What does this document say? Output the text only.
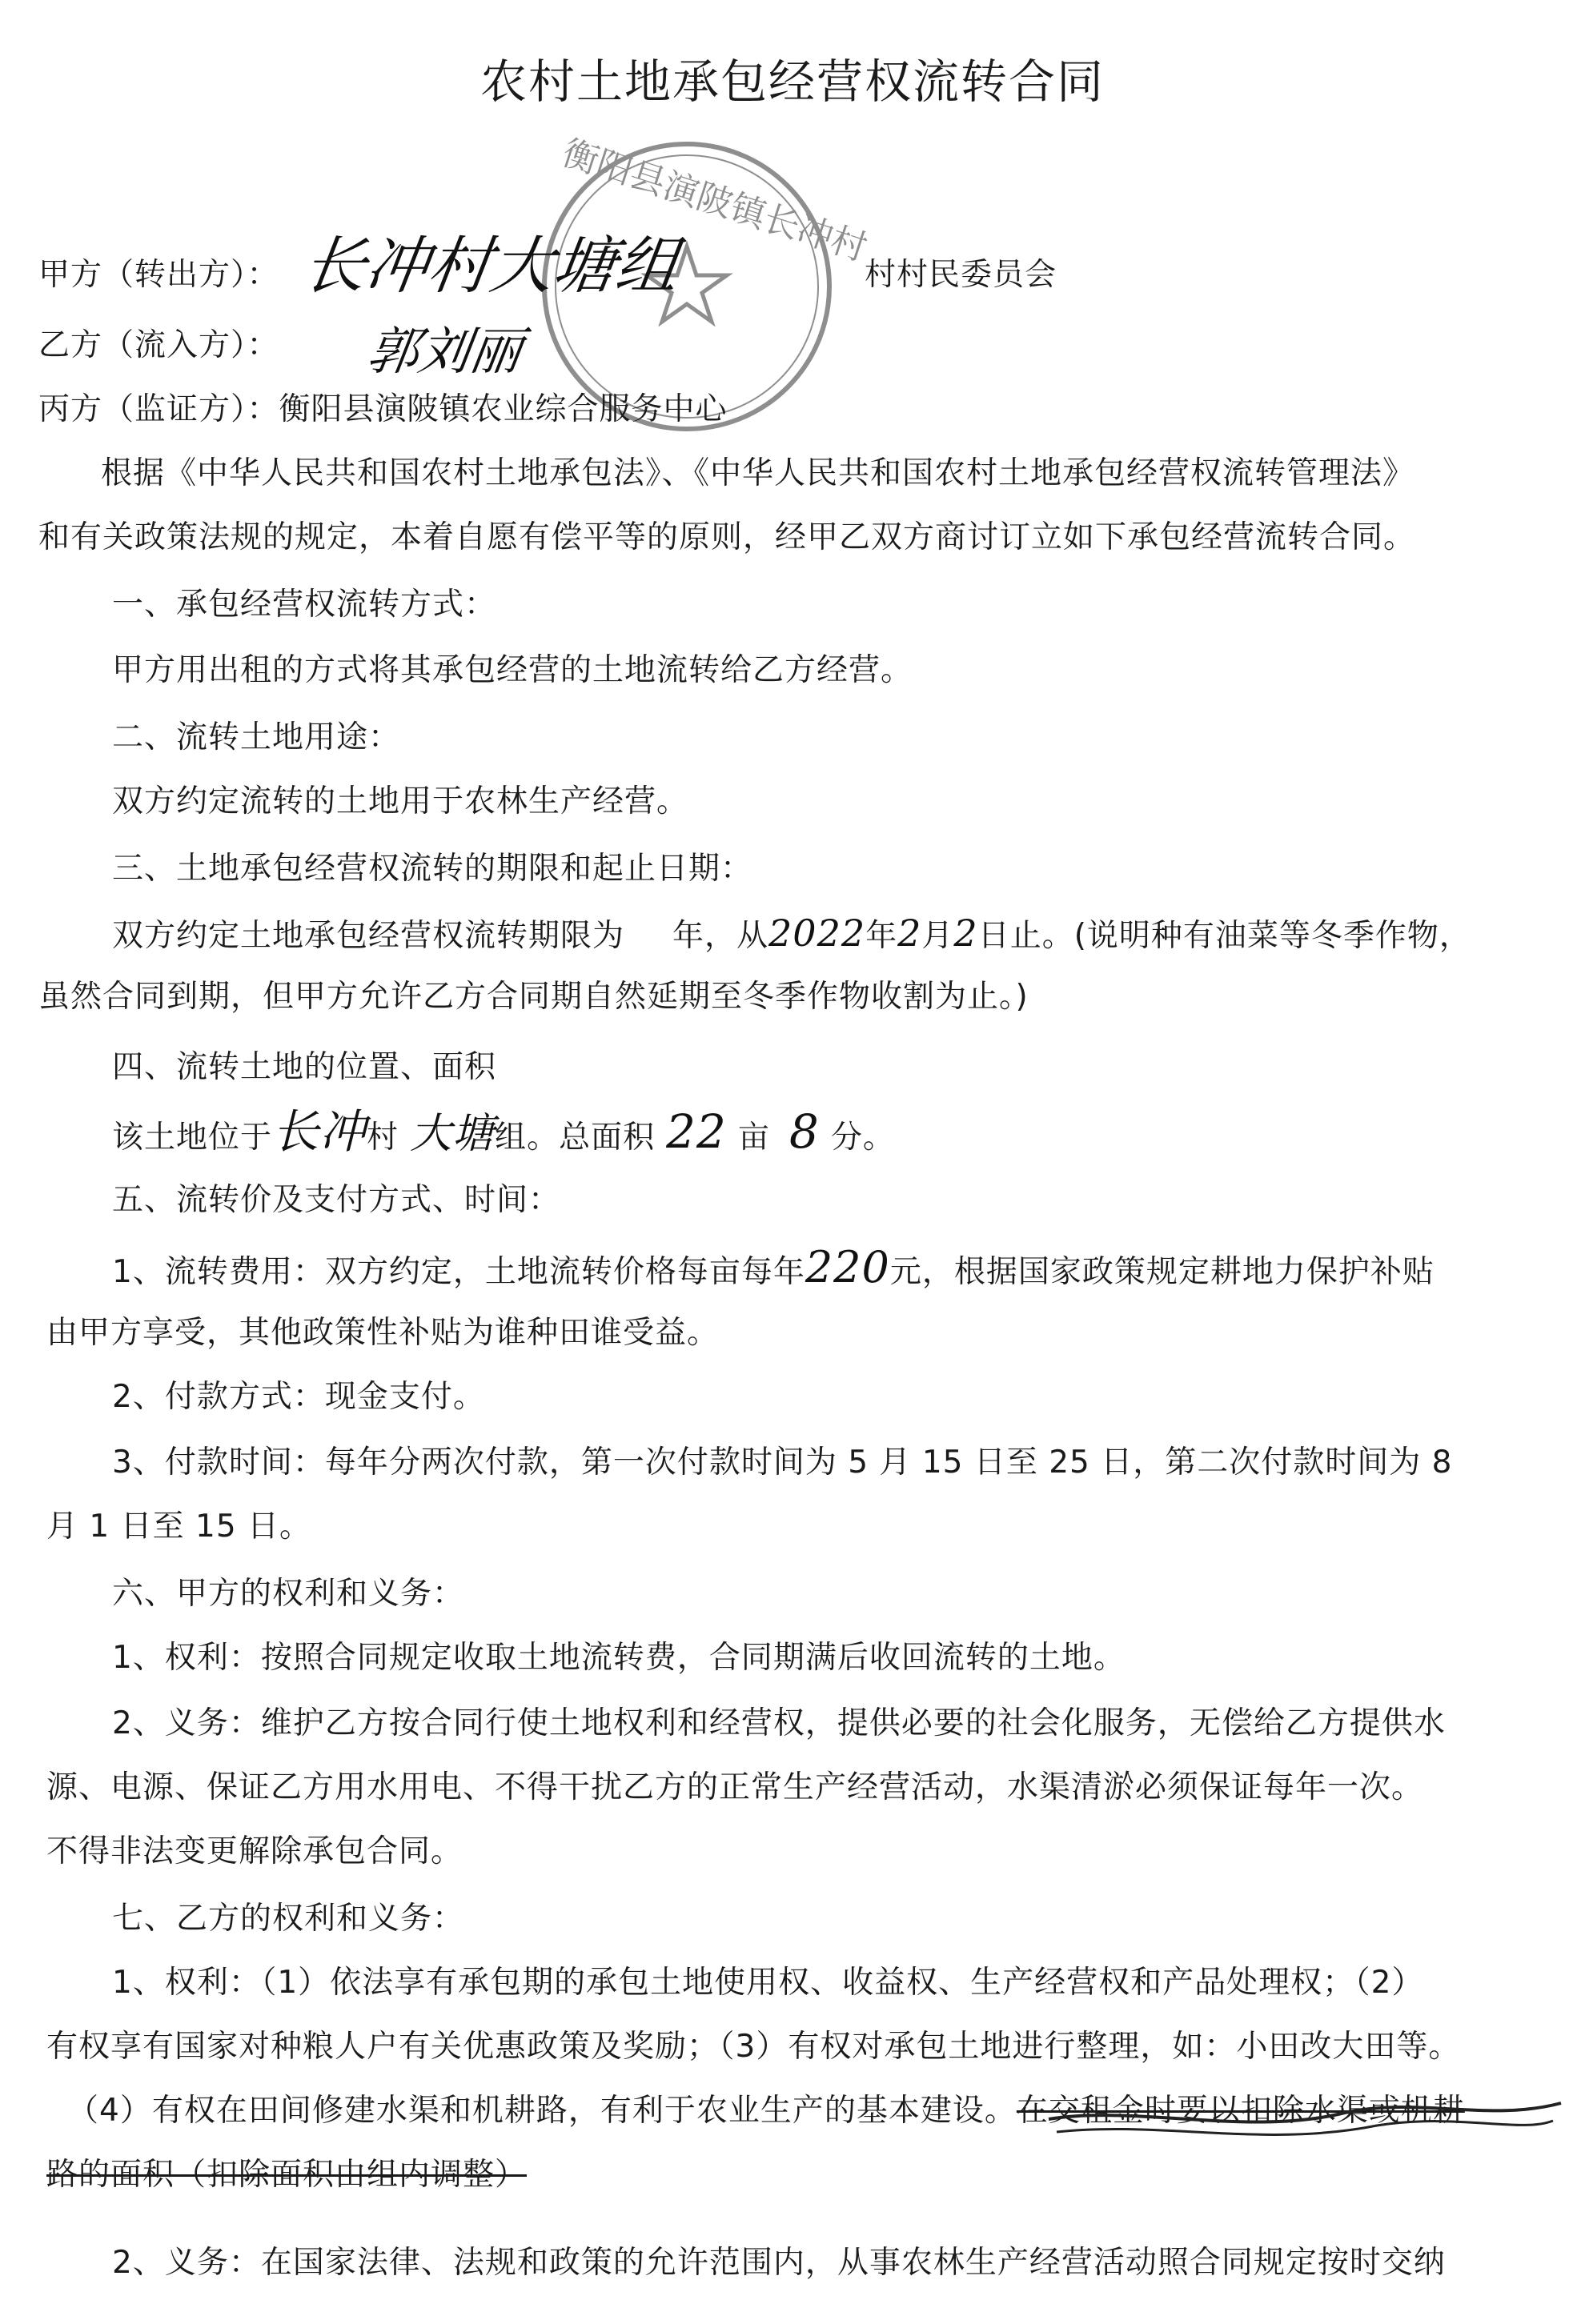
农村土地承包经营权流转合同
衡阳县演陂镇长冲村
甲方（转出方）： 长冲村大塘组	村村民委员会
乙方（流入方）： 郭刘丽
丙方（监证方）：衡阳县演陂镇农业综合服务中心
根据《中华人民共和国农村土地承包法》、《中华人民共和国农村土地承包经营权流转管理法》
和有关政策法规的规定，本着自愿有偿平等的原则，经甲乙双方商讨订立如下承包经营流转合同。
一、承包经营权流转方式：
甲方用出租的方式将其承包经营的土地流转给乙方经营。
二、流转土地用途：
双方约定流转的土地用于农林生产经营。
三、土地承包经营权流转的期限和起止日期：
双方约定土地承包经营权流转期限为 年，从2022年2月2日止。(说明种有油菜等冬季作物，
虽然合同到期，但甲方允许乙方合同期自然延期至冬季作物收割为止。)
四、流转土地的位置、面积
该土地位于长冲村 大塘组。总面积 22 亩 8 分。
五、流转价及支付方式、时间：
1、流转费用：双方约定，土地流转价格每亩每年220元，根据国家政策规定耕地力保护补贴
由甲方享受，其他政策性补贴为谁种田谁受益。
2、付款方式：现金支付。
3、付款时间：每年分两次付款，第一次付款时间为 5 月 15 日至 25 日，第二次付款时间为 8
月 1 日至 15 日。
六、甲方的权利和义务：
1、权利：按照合同规定收取土地流转费，合同期满后收回流转的土地。
2、义务：维护乙方按合同行使土地权利和经营权，提供必要的社会化服务，无偿给乙方提供水
源、电源、保证乙方用水用电、不得干扰乙方的正常生产经营活动，水渠清淤必须保证每年一次。
不得非法变更解除承包合同。
七、乙方的权利和义务：
1、权利：（1）依法享有承包期的承包土地使用权、收益权、生产经营权和产品处理权；（2）
有权享有国家对种粮人户有关优惠政策及奖励；（3）有权对承包土地进行整理，如：小田改大田等。
（4）有权在田间修建水渠和机耕路，有利于农业生产的基本建设。在交租金时要以扣除水渠或机耕
路的面积（扣除面积由组内调整）
2、义务：在国家法律、法规和政策的允许范围内，从事农林生产经营活动照合同规定按时交纳
